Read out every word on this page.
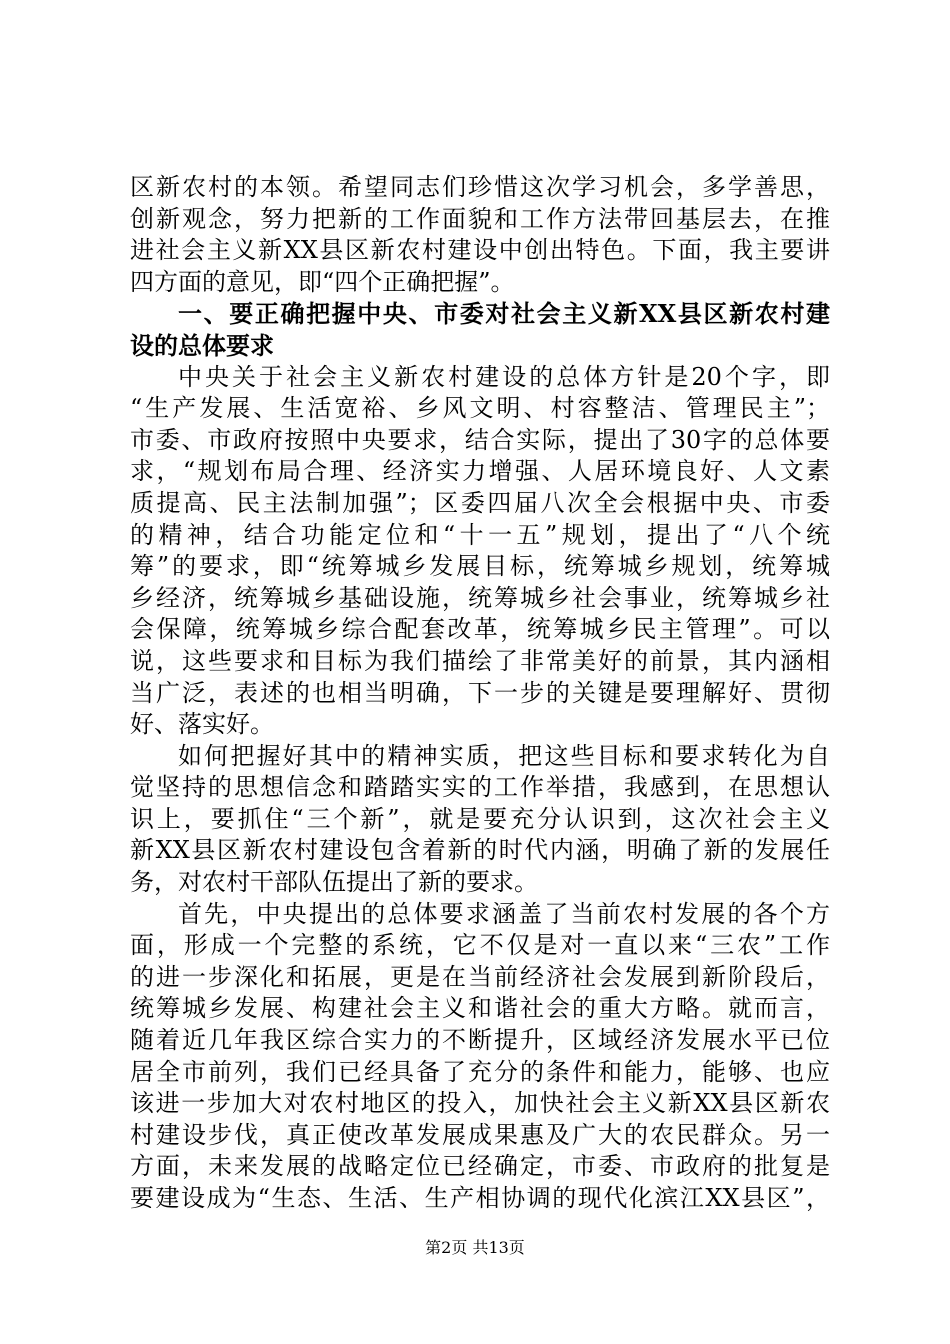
区新农村的本领。希望同志们珍惜这次学习机会，多学善思，
创新观念，努力把新的工作面貌和工作方法带回基层去，在推
进社会主义新XX县区新农村建设中创出特色。下面，我主要讲
四方面的意见，即“四个正确把握”。
一、要正确把握中央、市委对社会主义新XX县区新农村建
设的总体要求
中央关于社会主义新农村建设的总体方针是20个字，即
“生产发展、生活宽裕、乡风文明、村容整洁、管理民主”；
市委、市政府按照中央要求，结合实际，提出了30字的总体要
求，“规划布局合理、经济实力增强、人居环境良好、人文素
质提高、民主法制加强”；区委四届八次全会根据中央、市委
的精神，结合功能定位和“十一五”规划，提出了“八个统
筹”的要求，即“统筹城乡发展目标，统筹城乡规划，统筹城
乡经济，统筹城乡基础设施，统筹城乡社会事业，统筹城乡社
会保障，统筹城乡综合配套改革，统筹城乡民主管理”。可以
说，这些要求和目标为我们描绘了非常美好的前景，其内涵相
当广泛，表述的也相当明确，下一步的关键是要理解好、贯彻
好、落实好。
如何把握好其中的精神实质，把这些目标和要求转化为自
觉坚持的思想信念和踏踏实实的工作举措，我感到，在思想认
识上，要抓住“三个新”，就是要充分认识到，这次社会主义
新XX县区新农村建设包含着新的时代内涵，明确了新的发展任
务，对农村干部队伍提出了新的要求。
首先，中央提出的总体要求涵盖了当前农村发展的各个方
面，形成一个完整的系统，它不仅是对一直以来“三农”工作
的进一步深化和拓展，更是在当前经济社会发展到新阶段后，
统筹城乡发展、构建社会主义和谐社会的重大方略。就而言，
随着近几年我区综合实力的不断提升，区域经济发展水平已位
居全市前列，我们已经具备了充分的条件和能力，能够、也应
该进一步加大对农村地区的投入，加快社会主义新XX县区新农
村建设步伐，真正使改革发展成果惠及广大的农民群众。另一
方面，未来发展的战略定位已经确定，市委、市政府的批复是
要建设成为“生态、生活、生产相协调的现代化滨江XX县区”，
第2页 共13页
